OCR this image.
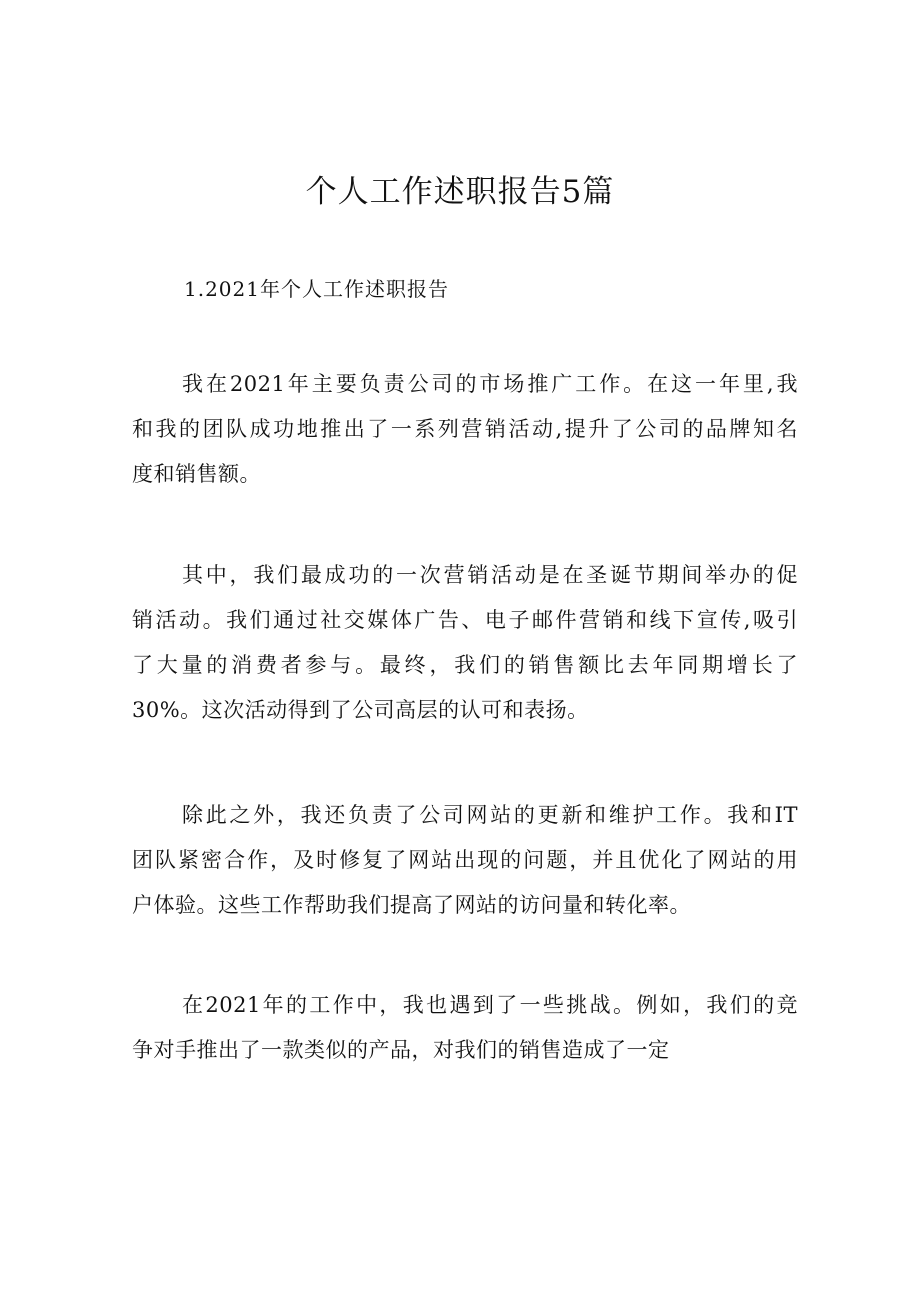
个人工作述职报告5篇
1.2021年个人工作述职报告

我在2021年主要负责公司的市场推广工作。在这一年里,我
和我的团队成功地推出了一系列营销活动,提升了公司的品牌知名
度和销售额。

其中，我们最成功的一次营销活动是在圣诞节期间举办的促
销活动。我们通过社交媒体广告、电子邮件营销和线下宣传,吸引
了大量的消费者参与。最终，我们的销售额比去年同期增长了
30%。这次活动得到了公司高层的认可和表扬。

除此之外，我还负责了公司网站的更新和维护工作。我和IT
团队紧密合作，及时修复了网站出现的问题，并且优化了网站的用
户体验。这些工作帮助我们提高了网站的访问量和转化率。

在2021年的工作中，我也遇到了一些挑战。例如，我们的竞
争对手推出了一款类似的产品，对我们的销售造成了一定
